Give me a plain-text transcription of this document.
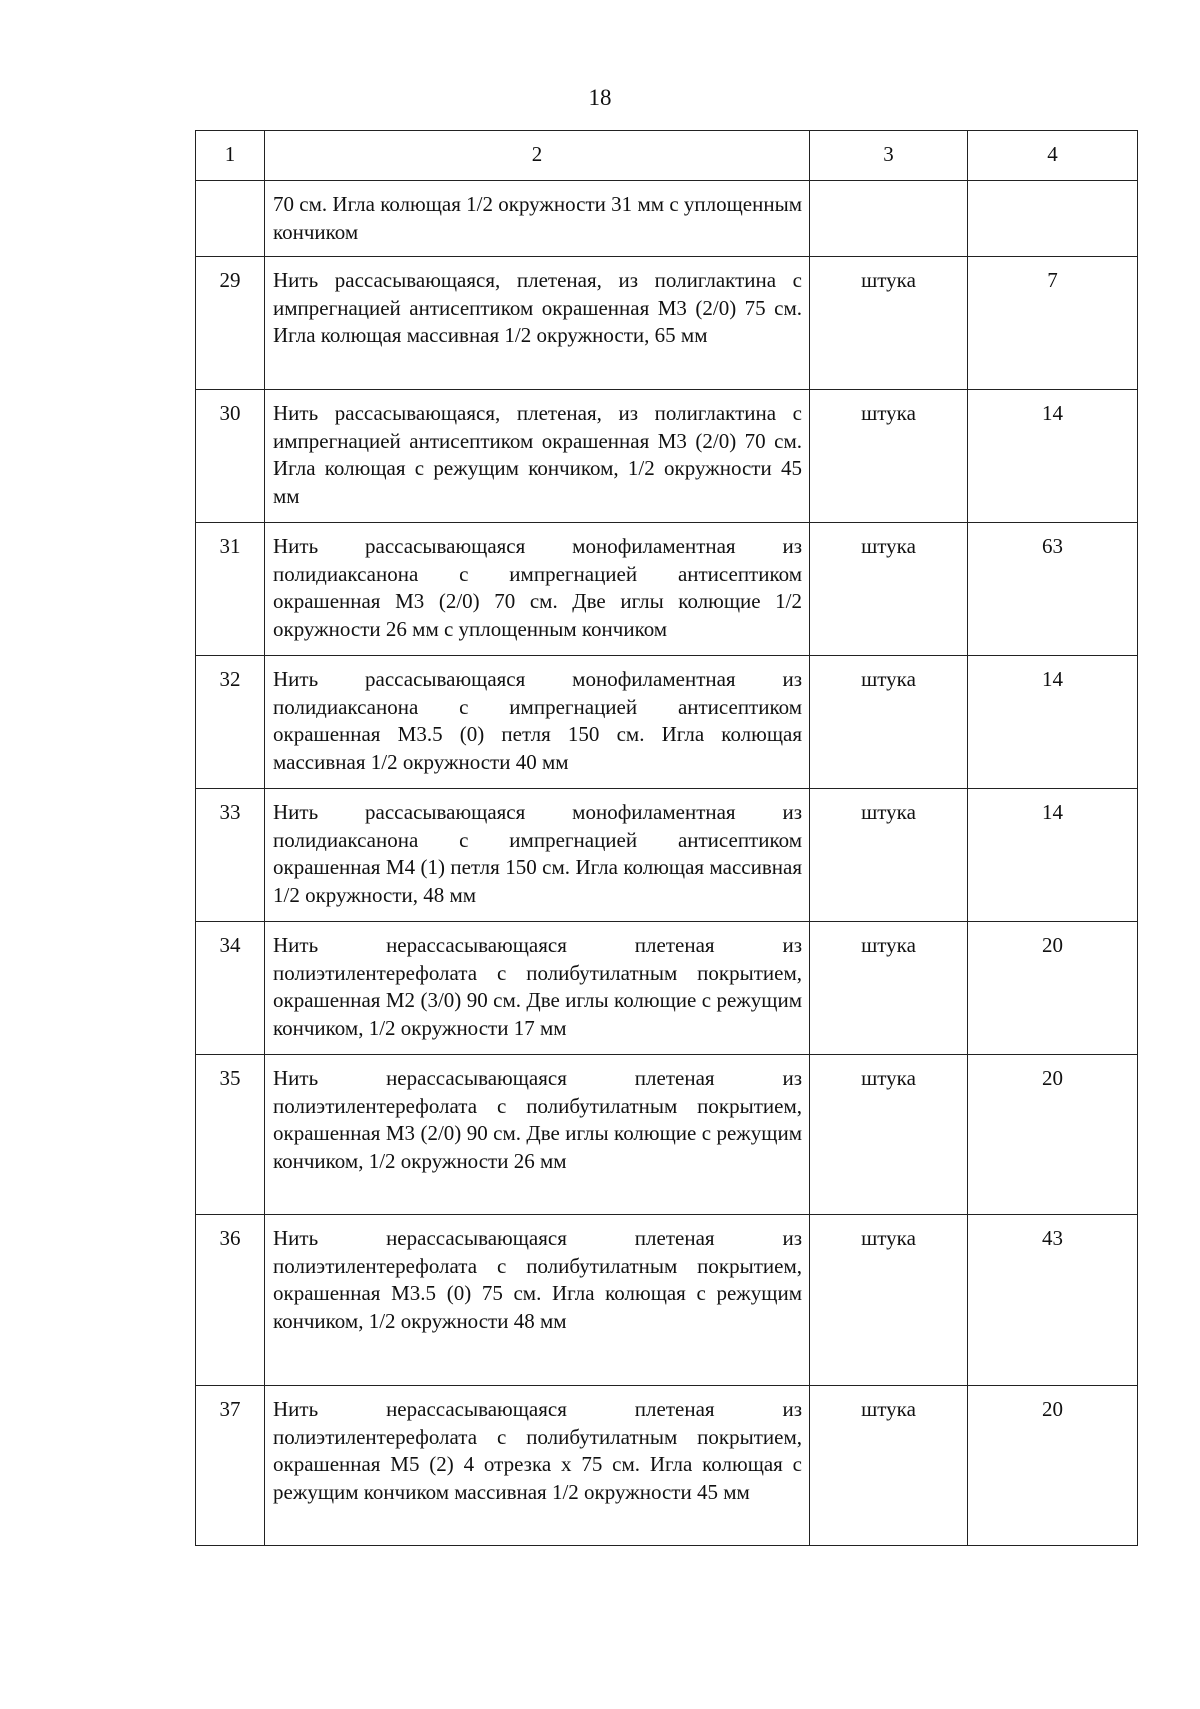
18
1	2	3	4
	70 см. Игла колющая 1/2 окружности 31 мм с уплощенным кончиком		
29	Нить рассасывающаяся, плетеная, из полиглактина с импрегнацией антисептиком окрашенная М3 (2/0) 75 см. Игла колющая массивная 1/2 окружности, 65 мм	штука	7
30	Нить рассасывающаяся, плетеная, из полиглактина с импрегнацией антисептиком окрашенная М3 (2/0) 70 см. Игла колющая с режущим кончиком, 1/2 окружности 45 мм	штука	14
31	Нить рассасывающаяся монофиламентная из полидиаксанона с импрегнацией антисептиком окрашенная М3 (2/0) 70 см. Две иглы колющие 1/2 окружности 26 мм с уплощенным кончиком	штука	63
32	Нить рассасывающаяся монофиламентная из полидиаксанона с импрегнацией антисептиком окрашенная М3.5 (0) петля 150 см. Игла колющая массивная 1/2 окружности 40 мм	штука	14
33	Нить рассасывающаяся монофиламентная из полидиаксанона с импрегнацией антисептиком окрашенная М4 (1) петля 150 см. Игла колющая массивная 1/2 окружности, 48 мм	штука	14
34	Нить нерассасывающаяся плетеная из полиэтилентерефолата с полибутилатным покрытием, окрашенная М2 (3/0) 90 см. Две иглы колющие с режущим кончиком, 1/2 окружности 17 мм	штука	20
35	Нить нерассасывающаяся плетеная из полиэтилентерефолата с полибутилатным покрытием, окрашенная М3 (2/0) 90 см. Две иглы колющие с режущим кончиком, 1/2 окружности 26 мм	штука	20
36	Нить нерассасывающаяся плетеная из полиэтилентерефолата с полибутилатным покрытием, окрашенная М3.5 (0) 75 см. Игла колющая с режущим кончиком, 1/2 окружности 48 мм	штука	43
37	Нить нерассасывающаяся плетеная из полиэтилентерефолата с полибутилатным покрытием, окрашенная М5 (2) 4 отрезка х 75 см. Игла колющая с режущим кончиком массивная 1/2 окружности 45 мм	штука	20
